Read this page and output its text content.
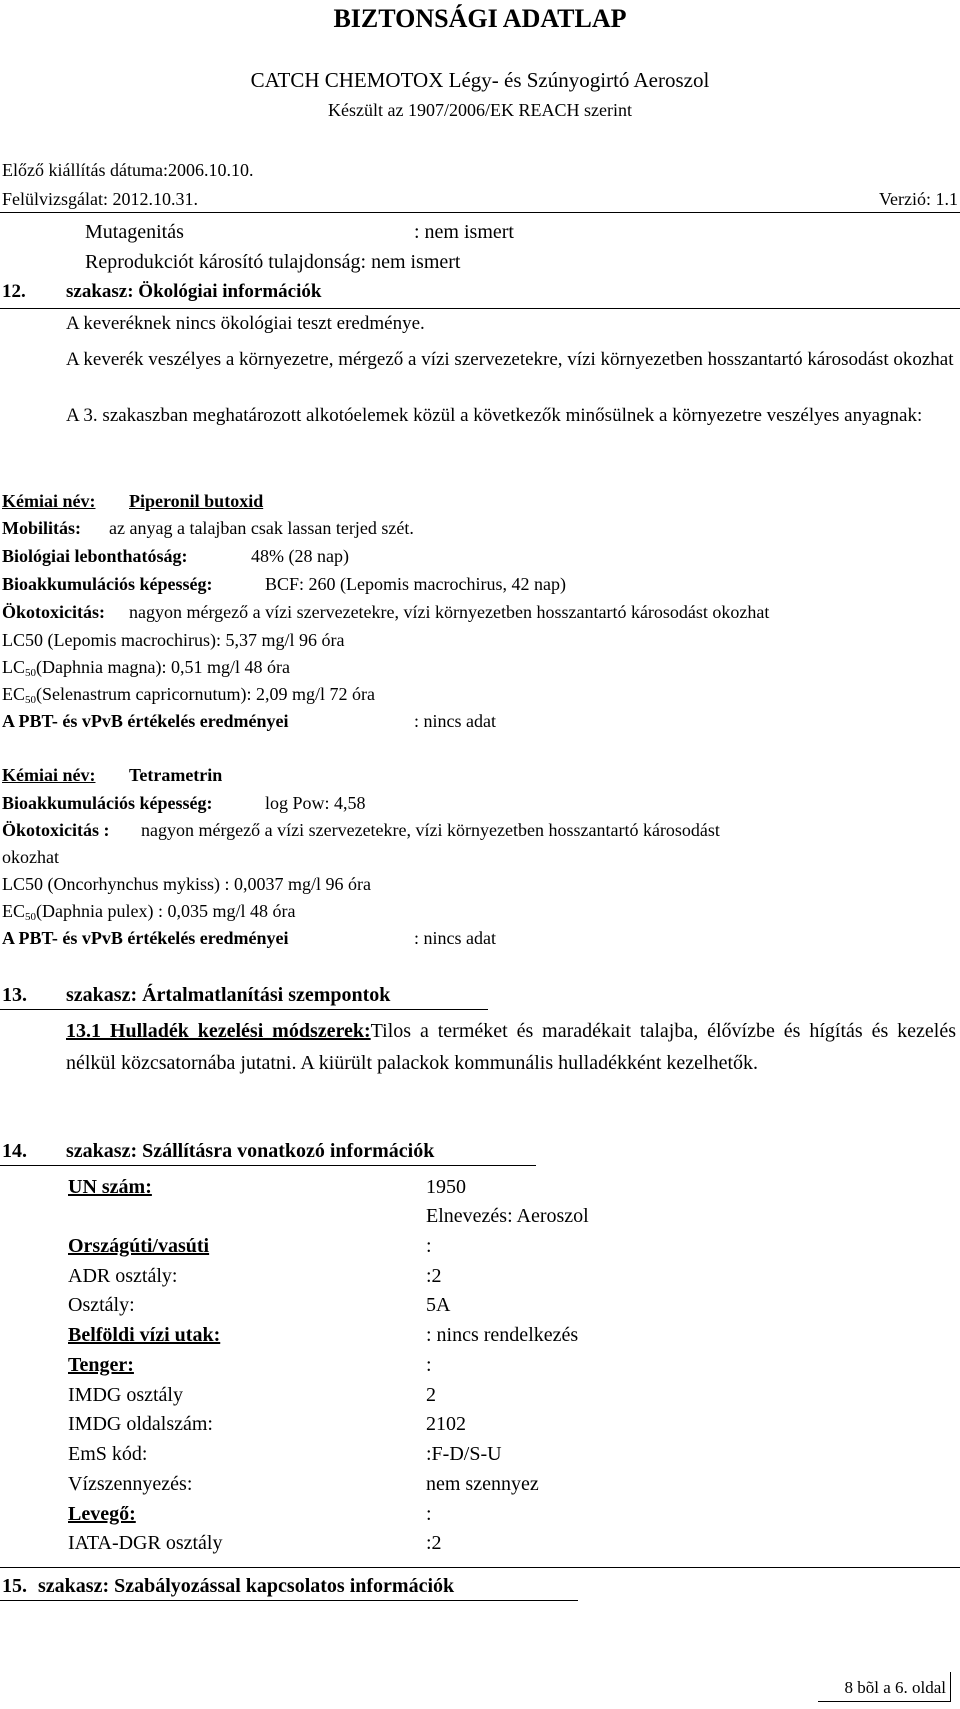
BIZTONSÁGI ADATLAP
CATCH CHEMOTOX Légy- és Szúnyogirtó Aeroszol
Készült az 1907/2006/EK REACH szerint
Előző kiállítás dátuma:2006.10.10.
Felülvizsgálat: 2012.10.31.	Verzió: 1.1
Mutagenitás	: nem ismert
Reprodukciót károsító tulajdonság: nem ismert
12. szakasz: Ökológiai információk
A keveréknek nincs ökológiai teszt eredménye.
A keverék veszélyes a környezetre, mérgező a vízi szervezetekre, vízi környezetben hosszantartó károsodást okozhat
A 3. szakaszban meghatározott alkotóelemek közül a következők minősülnek a környezetre veszélyes anyagnak:
Kémiai név: Piperonil butoxid
Mobilitás: az anyag a talajban csak lassan terjed szét.
Biológiai lebonthatóság:	48% (28 nap)
Bioakkumulációs képesség:	BCF: 260 (Lepomis macrochirus, 42 nap)
Ökotoxicitás: nagyon mérgező a vízi szervezetekre, vízi környezetben hosszantartó károsodást okozhat
LC50 (Lepomis macrochirus): 5,37 mg/l 96 óra
$LC_{50}(Daphnia$ magna): 0,51 mg/l 48 óra
$EC_{50}(Selenastrum$ capricornutum): 2,09 mg/l 72 óra
A PBT- és vPvB értékelés eredményei	: nincs adat
Kémiai név: Tetrametrin
Bioakkumulációs képesség:	log Pow: 4,58
Ökotoxicitás : nagyon mérgező a vízi szervezetekre, vízi környezetben hosszantartó károsodást
okozhat
LC50 (Oncorhynchus mykiss) : 0,0037 mg/l 96 óra
$EC_{50}(Daphnia$ pulex) : 0,035 mg/l 48 óra
A PBT- és vPvB értékelés eredményei	: nincs adat
13. szakasz: Ártalmatlanítási szempontok
13.1 Hulladék kezelési módszerek:Tilos a terméket és maradékait talajba, élővízbe és hígítás és kezelés nélkül közcsatornába jutatni. A kiürült palackok kommunális hulladékként kezelhetők.
14. szakasz: Szállításra vonatkozó információk
UN szám:	1950
Elnevezés: Aeroszol
Országúti/vasúti	:
ADR osztály:	:2
Osztály:	5A
Belföldi vízi utak:	: nincs rendelkezés
Tenger:	:
IMDG osztály	2
IMDG oldalszám:	2102
EmS kód:	:F-D/S-U
Vízszennyezés:	nem szennyez
Levegő:	:
IATA-DGR osztály	:2
15. szakasz: Szabályozással kapcsolatos információk
8 bõl a 6. oldal
